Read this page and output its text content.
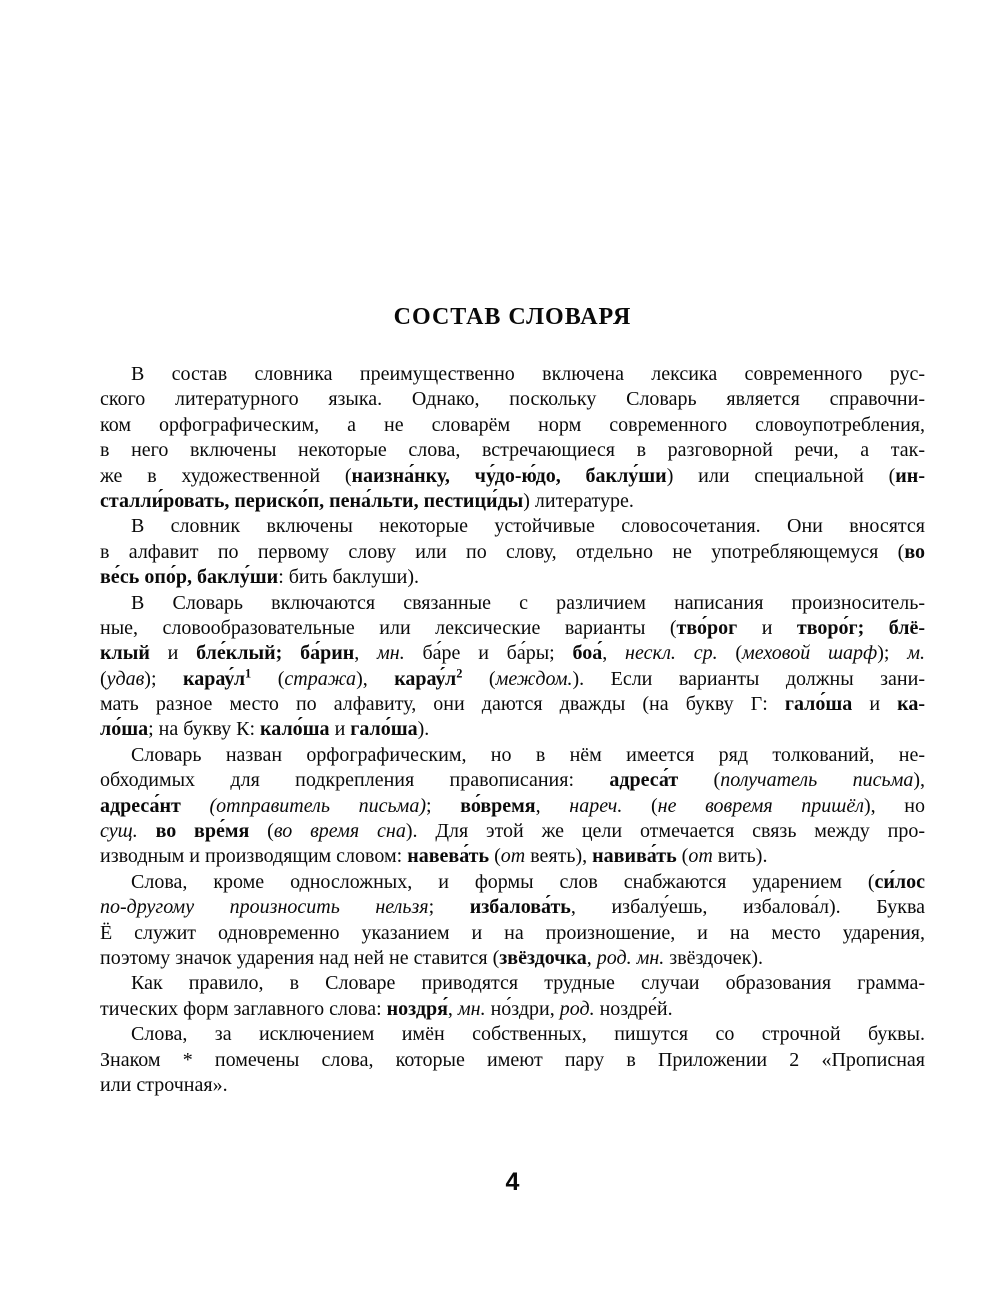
СОСТАВ СЛОВАРЯ
В состав словника преимущественно включена лексика современного рус-
ского литературного языка. Однако, поскольку Словарь является справочни-
ком орфографическим, а не словарём норм современного словоупотребления,
в него включены некоторые слова, встречающиеся в разговорной речи, а так-
же в художественной (наизна́нку, чу́до-ю́до, баклу́ши) или специальной (ин-
сталли́ровать, периско́п, пена́льти, пестици́ды) литературе.
В словник включены некоторые устойчивые словосочетания. Они вносятся
в алфавит по первому слову или по слову, отдельно не употребляющемуся (во
ве́сь опо́р, баклу́ши: бить баклуши).
В Словарь включаются связанные с различием написания произноситель-
ные, словообразовательные или лексические варианты (тво́рог и творо́г; блё-
клый и бле́клый; ба́рин, мн. ба́ре и ба́ры; боа́, нескл. ср. (меховой шарф); м.
(удав); $карау́л^1$ (стража), $карау́л^2$ (междом.). Если варианты должны зани-
мать разное место по алфавиту, они даются дважды (на букву Г: гало́ша и ка-
ло́ша; на букву К: кало́ша и гало́ша).
Словарь назван орфографическим, но в нём имеется ряд толкований, не-
обходимых для подкрепления правописания: адреса́т (получатель письма),
адреса́нт (отправитель письма); во́время, нареч. (не вовремя пришёл), но
сущ. во вре́мя (во время сна). Для этой же цели отмечается связь между про-
изводным и производящим словом: навева́ть (от веять), навива́ть (от вить).
Слова, кроме односложных, и формы слов снабжаются ударением (си́лос
по-другому произносить нельзя; избалова́ть, избалу́ешь, избалова́л). Буква
Ё служит одновременно указанием и на произношение, и на место ударения,
поэтому значок ударения над ней не ставится (звёздочка, род. мн. звёздочек).
Как правило, в Словаре приводятся трудные случаи образования грамма-
тических форм заглавного слова: ноздря́, мн. но́здри, род. ноздре́й.
Слова, за исключением имён собственных, пишутся со строчной буквы.
Знаком * помечены слова, которые имеют пару в Приложении 2 «Прописная
или строчная».
4
